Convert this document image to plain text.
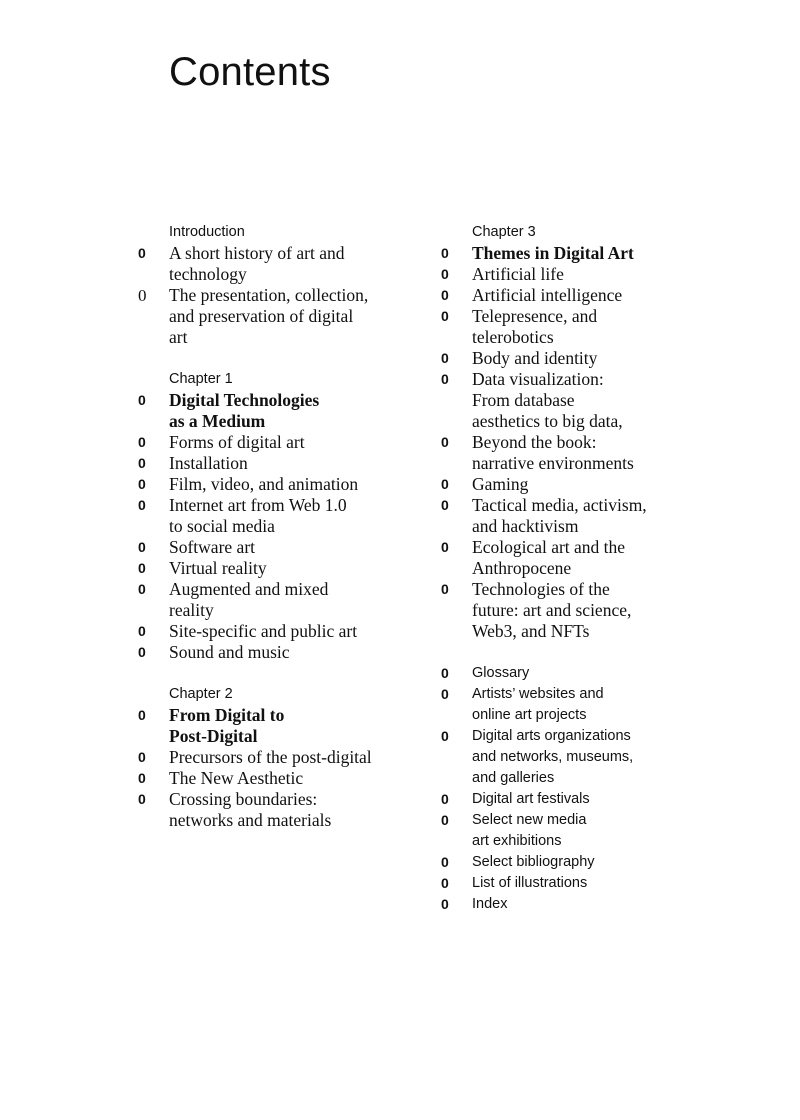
Contents
Introduction
0 A short history of art and
technology
0 The presentation, collection,
and preservation of digital
art
Chapter 1
0 Digital Technologies
as a Medium
0 Forms of digital art
0 Installation
0 Film, video, and animation
0 Internet art from Web 1.0
to social media
0 Software art
0 Virtual reality
0 Augmented and mixed
reality
0 Site-specific and public art
0 Sound and music
Chapter 2
0 From Digital to
Post-Digital
0 Precursors of the post-digital
0 The New Aesthetic
0 Crossing boundaries:
networks and materials
Chapter 3
0 Themes in Digital Art
0 Artificial life
0 Artificial intelligence
0 Telepresence, and
telerobotics
0 Body and identity
0 Data visualization:
From database
aesthetics to big data,
0 Beyond the book:
narrative environments
0 Gaming
0 Tactical media, activism,
and hacktivism
0 Ecological art and the
Anthropocene
0 Technologies of the
future: art and science,
Web3, and NFTs
0 Glossary
0 Artists’ websites and
online art projects
0 Digital arts organizations
and networks, museums,
and galleries
0 Digital art festivals
0 Select new media
art exhibitions
0 Select bibliography
0 List of illustrations
0 Index
